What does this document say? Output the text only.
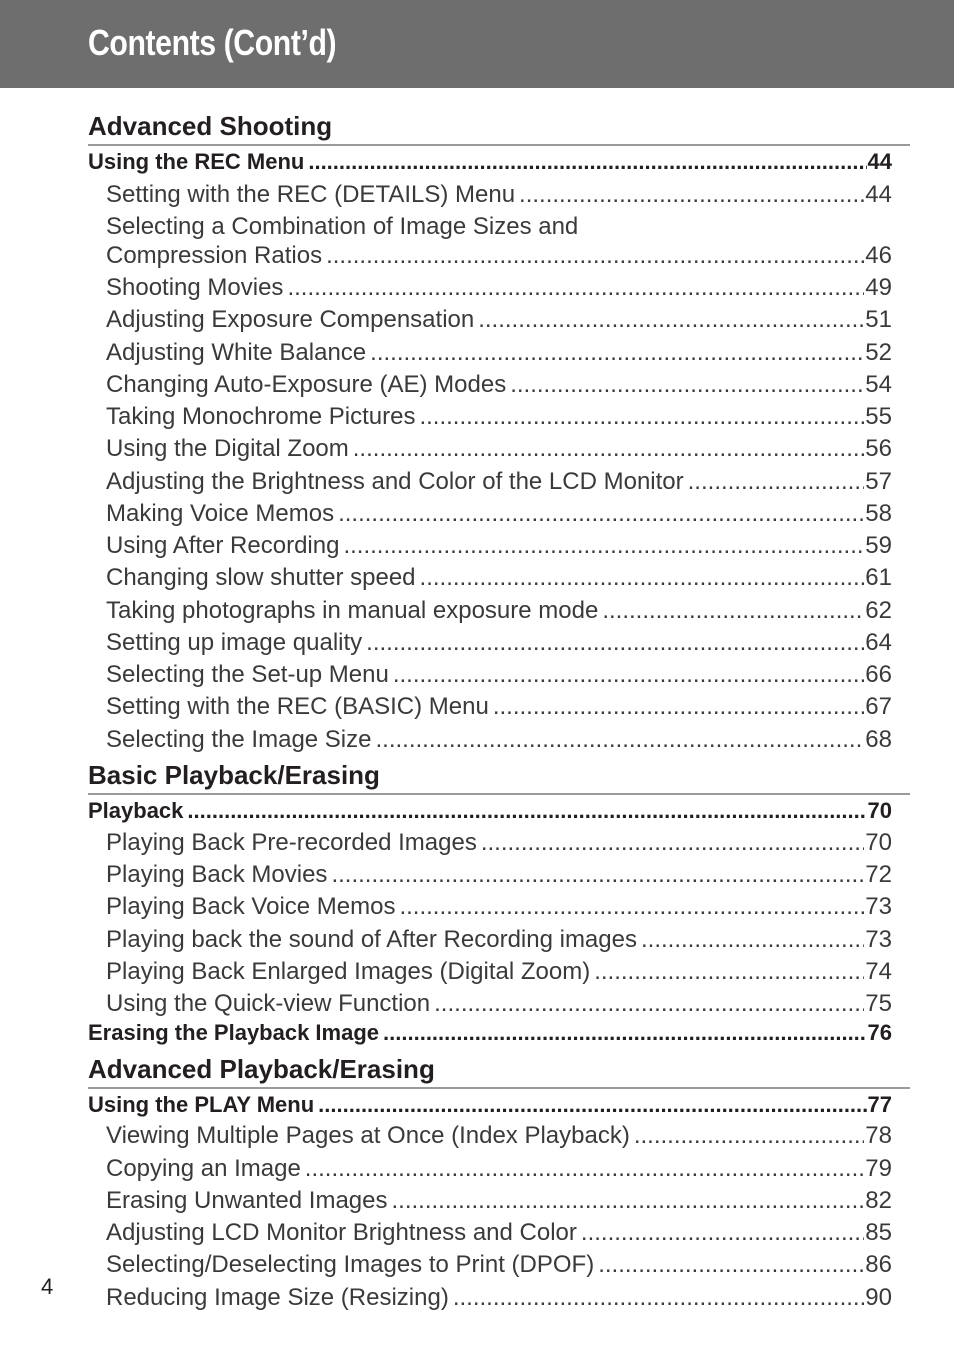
Contents (Cont’d)
Advanced Shooting
Using the REC Menu .....	44
Setting with the REC (DETAILS) Menu .....	44
Selecting a Combination of Image Sizes and
Compression Ratios .....	46
Shooting Movies .....	49
Adjusting Exposure Compensation .....	51
Adjusting White Balance .....	52
Changing Auto-Exposure (AE) Modes .....	54
Taking Monochrome Pictures .....	55
Using the Digital Zoom .....	56
Adjusting the Brightness and Color of the LCD Monitor .....	57
Making Voice Memos .....	58
Using After Recording .....	59
Changing slow shutter speed .....	61
Taking photographs in manual exposure mode .....	62
Setting up image quality .....	64
Selecting the Set-up Menu .....	66
Setting with the REC (BASIC) Menu .....	67
Selecting the Image Size .....	68
Basic Playback/Erasing
Playback .....	70
Playing Back Pre-recorded Images .....	70
Playing Back Movies .....	72
Playing Back Voice Memos .....	73
Playing back the sound of After Recording images .....	73
Playing Back Enlarged Images (Digital Zoom) .....	74
Using the Quick-view Function .....	75
Erasing the Playback Image .....	76
Advanced Playback/Erasing
Using the PLAY Menu .....	77
Viewing Multiple Pages at Once (Index Playback) .....	78
Copying an Image .....	79
Erasing Unwanted Images .....	82
Adjusting LCD Monitor Brightness and Color .....	85
Selecting/Deselecting Images to Print (DPOF) .....	86
Reducing Image Size (Resizing) .....	90
4
